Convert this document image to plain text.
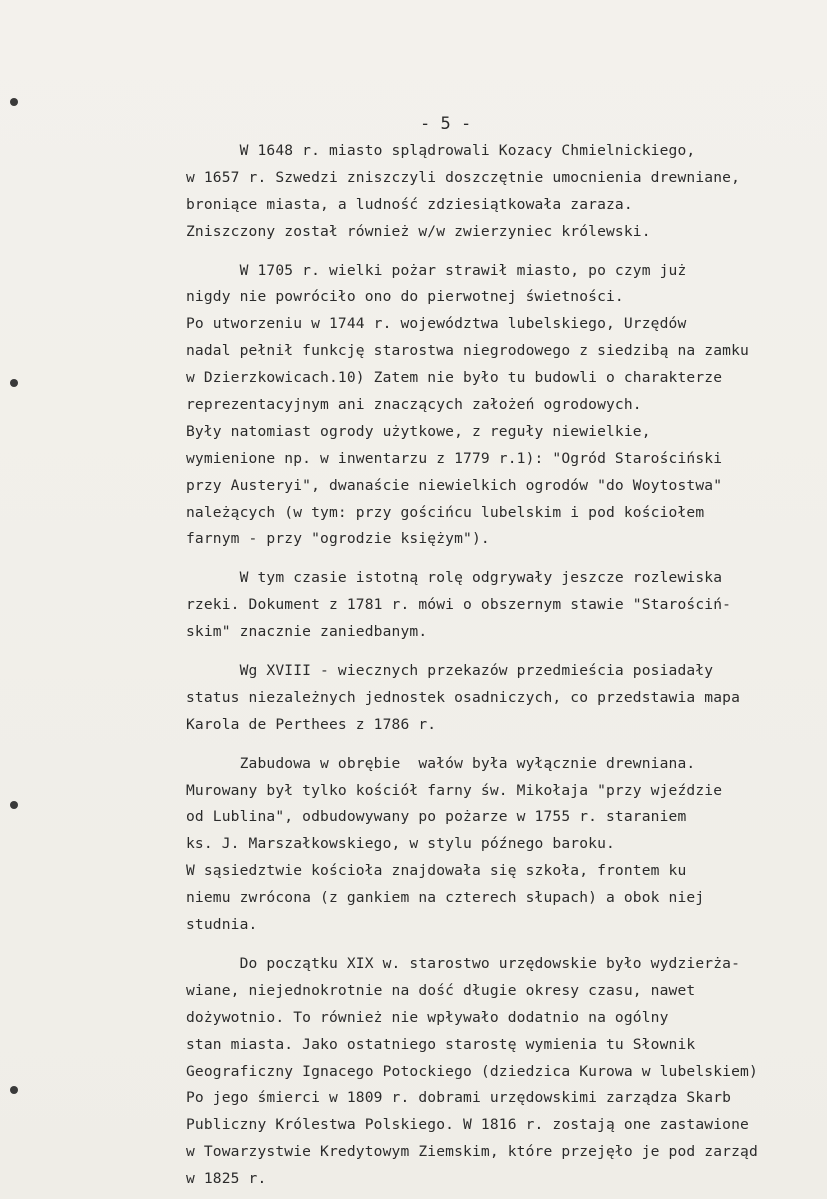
- 5 -
W 1648 r. miasto splądrowali Kozacy Chmielnickiego,
w 1657 r. Szwedzi zniszczyli doszczętnie umocnienia drewniane,
broniące miasta, a ludność zdziesiątkowała zaraza.
Zniszczony został również w/w zwierzyniec królewski.
W 1705 r. wielki pożar strawił miasto, po czym już
nigdy nie powróciło ono do pierwotnej świetności.
Po utworzeniu w 1744 r. województwa lubelskiego, Urzędów
nadal pełnił funkcję starostwa niegrodowego z siedzibą na zamku
w Dzierzkowicach.10) Zatem nie było tu budowli o charakterze
reprezentacyjnym ani znaczących założeń ogrodowych.
Były natomiast ogrody użytkowe, z reguły niewielkie,
wymienione np. w inwentarzu z 1779 r.1): "Ogród Starościński
przy Austeryi", dwanaście niewielkich ogrodów "do Woytostwa"
należących (w tym: przy gościńcu lubelskim i pod kościołem
farnym - przy "ogrodzie księżym").
W tym czasie istotną rolę odgrywały jeszcze rozlewiska
rzeki. Dokument z 1781 r. mówi o obszernym stawie "Starościń-
skim" znacznie zaniedbanym.
Wg XVIII - wiecznych przekazów przedmieścia posiadały
status niezależnych jednostek osadniczych, co przedstawia mapa
Karola de Perthees z 1786 r.
Zabudowa w obrębie  wałów była wyłącznie drewniana.
Murowany był tylko kościół farny św. Mikołaja "przy wjeździe
od Lublina", odbudowywany po pożarze w 1755 r. staraniem
ks. J. Marszałkowskiego, w stylu późnego baroku.
W sąsiedztwie kościoła znajdowała się szkoła, frontem ku
niemu zwrócona (z gankiem na czterech słupach) a obok niej
studnia.
Do początku XIX w. starostwo urzędowskie było wydzierża-
wiane, niejednokrotnie na dość długie okresy czasu, nawet
dożywotnio. To również nie wpływało dodatnio na ogólny
stan miasta. Jako ostatniego starostę wymienia tu Słownik
Geograficzny Ignacego Potockiego (dziedzica Kurowa w lubelskiem)
Po jego śmierci w 1809 r. dobrami urzędowskimi zarządza Skarb
Publiczny Królestwa Polskiego. W 1816 r. zostają one zastawione
w Towarzystwie Kredytowym Ziemskim, które przejęło je pod zarząd
w 1825 r.
